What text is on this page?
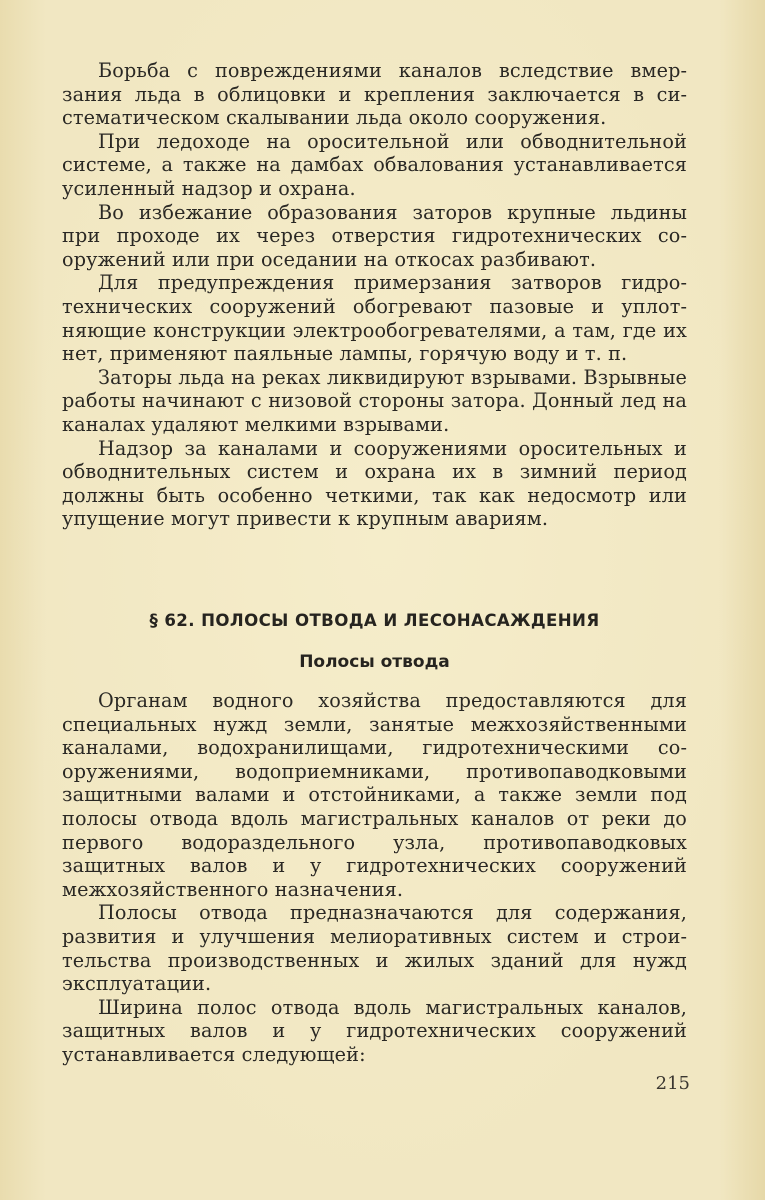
Борьба с повреждениями каналов вследствие вмерзания льда в облицовки и крепления заключается в систематическом скалывании льда около сооружения.

При ледоходе на оросительной или обводнительной системе, а также на дамбах обвалования устанавливается усиленный надзор и охрана.

Во избежание образования заторов крупные льдины при проходе их через отверстия гидротехнических сооружений или при оседании на откосах разбивают.

Для предупреждения примерзания затворов гидротехнических сооружений обогревают пазовые и уплотняющие конструкции электрообогревателями, а там, где их нет, применяют паяльные лампы, горячую воду и т. п.

Заторы льда на реках ликвидируют взрывами. Взрывные работы начинают с низовой стороны затора. Донный лед на каналах удаляют мелкими взрывами.

Надзор за каналами и сооружениями оросительных и обводнительных систем и охрана их в зимний период должны быть особенно четкими, так как недосмотр или упущение могут привести к крупным авариям.

§ 62. ПОЛОСЫ ОТВОДА И ЛЕСОНАСАЖДЕНИЯ
Полосы отвода

Органам водного хозяйства предоставляются для специальных нужд земли, занятые межхозяйственными каналами, водохранилищами, гидротехническими сооружениями, водоприемниками, противопаводковыми защитными валами и отстойниками, а также земли под полосы отвода вдоль магистральных каналов от реки до первого водораздельного узла, противопаводковых защитных валов и у гидротехнических сооружений межхозяйственного назначения.

Полосы отвода предназначаются для содержания, развития и улучшения мелиоративных систем и строительства производственных и жилых зданий для нужд эксплуатации.

Ширина полос отвода вдоль магистральных каналов, защитных валов и у гидротехнических сооружений устанавливается следующей:

215
